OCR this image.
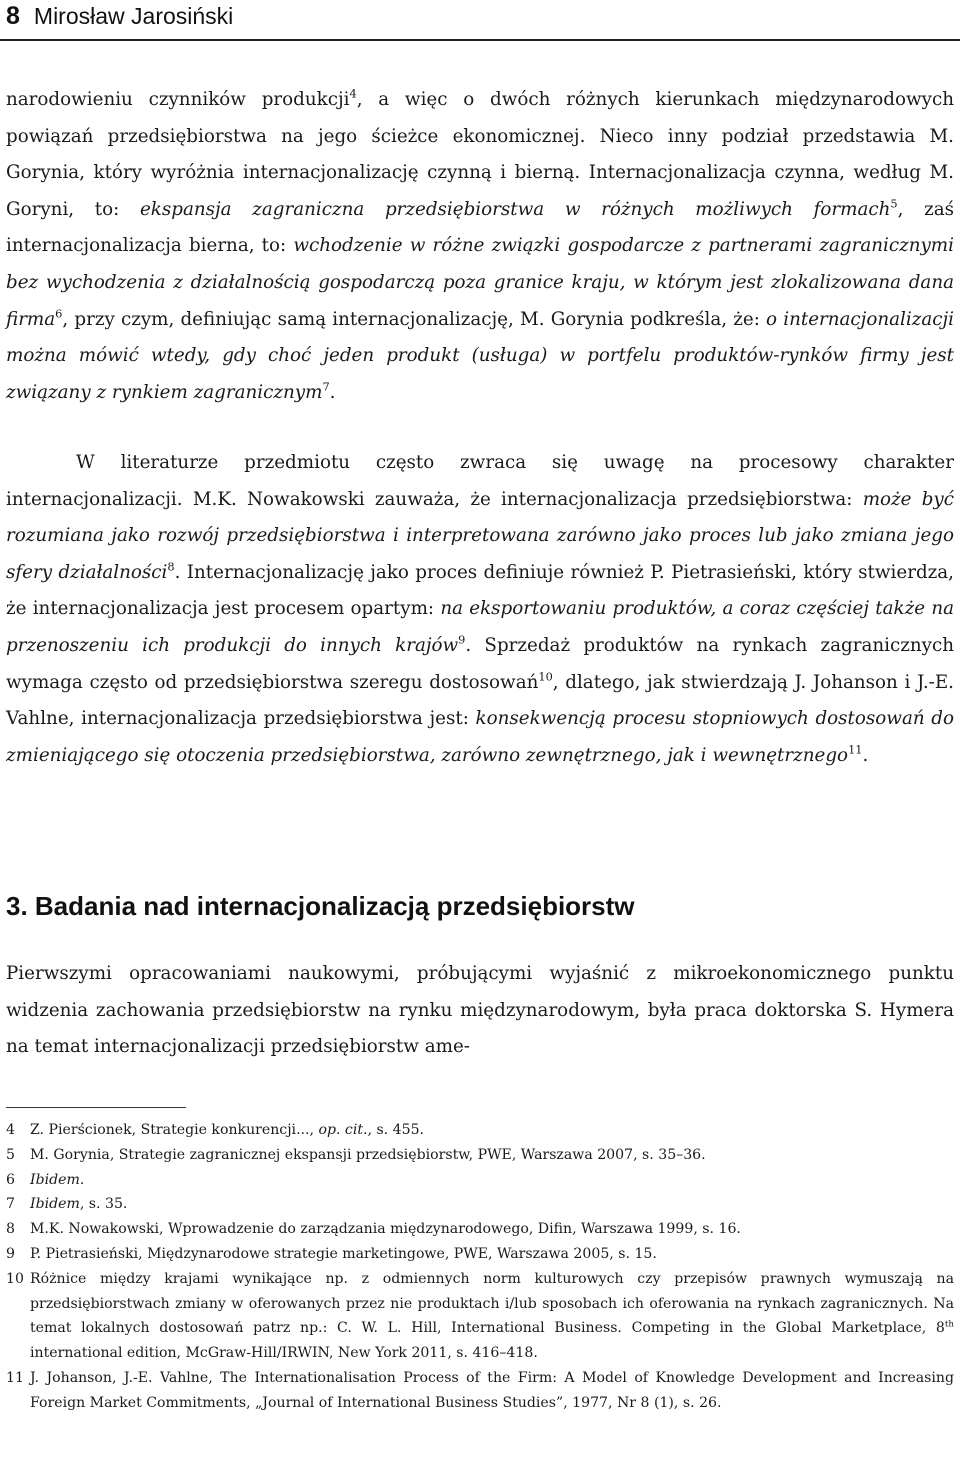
8 Mirosław Jarosiński

narodowieniu czynników produkcji$^4$, a więc o dwóch różnych kierunkach międzynarodowych powiązań przedsiębiorstwa na jego ścieżce ekonomicznej. Nieco inny podział przedstawia M. Gorynia, który wyróżnia internacjonalizację czynną i bierną. Internacjonalizacja czynna, według M. Goryni, to: ekspansja zagraniczna przedsiębiorstwa w różnych możliwych formach$^5$, zaś internacjonalizacja bierna, to: wchodzenie w różne związki gospodarcze z partnerami zagranicznymi bez wychodzenia z działalnością gospodarczą poza granice kraju, w którym jest zlokalizowana dana firma$^6$, przy czym, definiując samą internacjonalizację, M. Gorynia podkreśla, że: o internacjonalizacji można mówić wtedy, gdy choć jeden produkt (usługa) w portfelu produktów-rynków firmy jest związany z rynkiem zagranicznym$^7$.

W literaturze przedmiotu często zwraca się uwagę na procesowy charakter internacjonalizacji. M.K. Nowakowski zauważa, że internacjonalizacja przedsiębiorstwa: może być rozumiana jako rozwój przedsiębiorstwa i interpretowana zarówno jako proces lub jako zmiana jego sfery działalności$^8$. Internacjonalizację jako proces definiuje również P. Pietrasieński, który stwierdza, że internacjonalizacja jest procesem opartym: na eksportowaniu produktów, a coraz częściej także na przenoszeniu ich produkcji do innych krajów$^9$. Sprzedaż produktów na rynkach zagranicznych wymaga często od przedsiębiorstwa szeregu dostosowań$^{10}$, dlatego, jak stwierdzają J. Johanson i J.-E. Vahlne, internacjonalizacja przedsiębiorstwa jest: konsekwencją procesu stopniowych dostosowań do zmieniającego się otoczenia przedsiębiorstwa, zarówno zewnętrznego, jak i wewnętrznego$^{11}$.

3. Badania nad internacjonalizacją przedsiębiorstw

Pierwszymi opracowaniami naukowymi, próbującymi wyjaśnić z mikroekonomicznego punktu widzenia zachowania przedsiębiorstw na rynku międzynarodowym, była praca doktorska S. Hymera na temat internacjonalizacji przedsiębiorstw ame-

4	Z. Pierścionek, Strategie konkurencji..., op. cit., s. 455.
5	M. Gorynia, Strategie zagranicznej ekspansji przedsiębiorstw, PWE, Warszawa 2007, s. 35–36.
6	Ibidem.
7	Ibidem, s. 35.
8	M.K. Nowakowski, Wprowadzenie do zarządzania międzynarodowego, Difin, Warszawa 1999, s. 16.
9	P. Pietrasieński, Międzynarodowe strategie marketingowe, PWE, Warszawa 2005, s. 15.
10 Różnice między krajami wynikające np. z odmiennych norm kulturowych czy przepisów prawnych wymuszają na przedsiębiorstwach zmiany w oferowanych przez nie produktach i/lub sposobach ich oferowania na rynkach zagranicznych. Na temat lokalnych dostosowań patrz np.: C. W. L. Hill, International Business. Competing in the Global Marketplace, 8th international edition, McGraw-Hill/IRWIN, New York 2011, s. 416–418.
11 J. Johanson, J.-E. Vahlne, The Internationalisation Process of the Firm: A Model of Knowledge Development and Increasing Foreign Market Commitments, „Journal of International Business Studies”, 1977, Nr 8 (1), s. 26.
